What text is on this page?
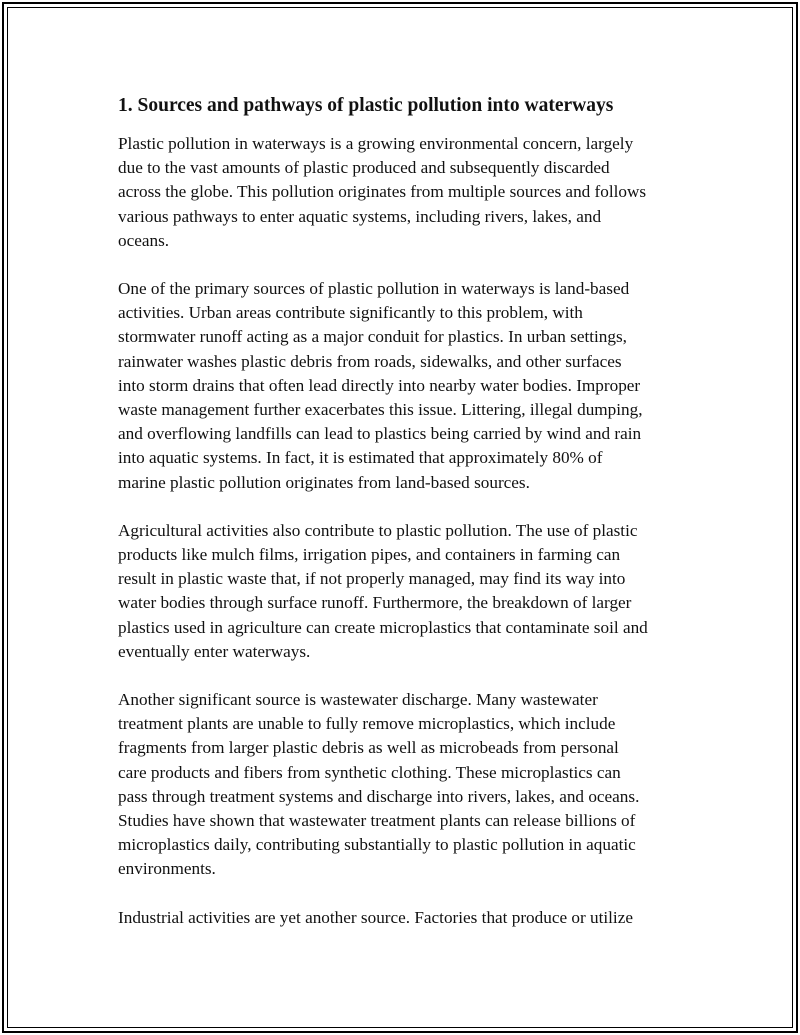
1. Sources and pathways of plastic pollution into waterways

Plastic pollution in waterways is a growing environmental concern, largely
due to the vast amounts of plastic produced and subsequently discarded
across the globe. This pollution originates from multiple sources and follows
various pathways to enter aquatic systems, including rivers, lakes, and
oceans.

One of the primary sources of plastic pollution in waterways is land-based
activities. Urban areas contribute significantly to this problem, with
stormwater runoff acting as a major conduit for plastics. In urban settings,
rainwater washes plastic debris from roads, sidewalks, and other surfaces
into storm drains that often lead directly into nearby water bodies. Improper
waste management further exacerbates this issue. Littering, illegal dumping,
and overflowing landfills can lead to plastics being carried by wind and rain
into aquatic systems. In fact, it is estimated that approximately 80% of
marine plastic pollution originates from land-based sources.

Agricultural activities also contribute to plastic pollution. The use of plastic
products like mulch films, irrigation pipes, and containers in farming can
result in plastic waste that, if not properly managed, may find its way into
water bodies through surface runoff. Furthermore, the breakdown of larger
plastics used in agriculture can create microplastics that contaminate soil and
eventually enter waterways.

Another significant source is wastewater discharge. Many wastewater
treatment plants are unable to fully remove microplastics, which include
fragments from larger plastic debris as well as microbeads from personal
care products and fibers from synthetic clothing. These microplastics can
pass through treatment systems and discharge into rivers, lakes, and oceans.
Studies have shown that wastewater treatment plants can release billions of
microplastics daily, contributing substantially to plastic pollution in aquatic
environments.

Industrial activities are yet another source. Factories that produce or utilize
